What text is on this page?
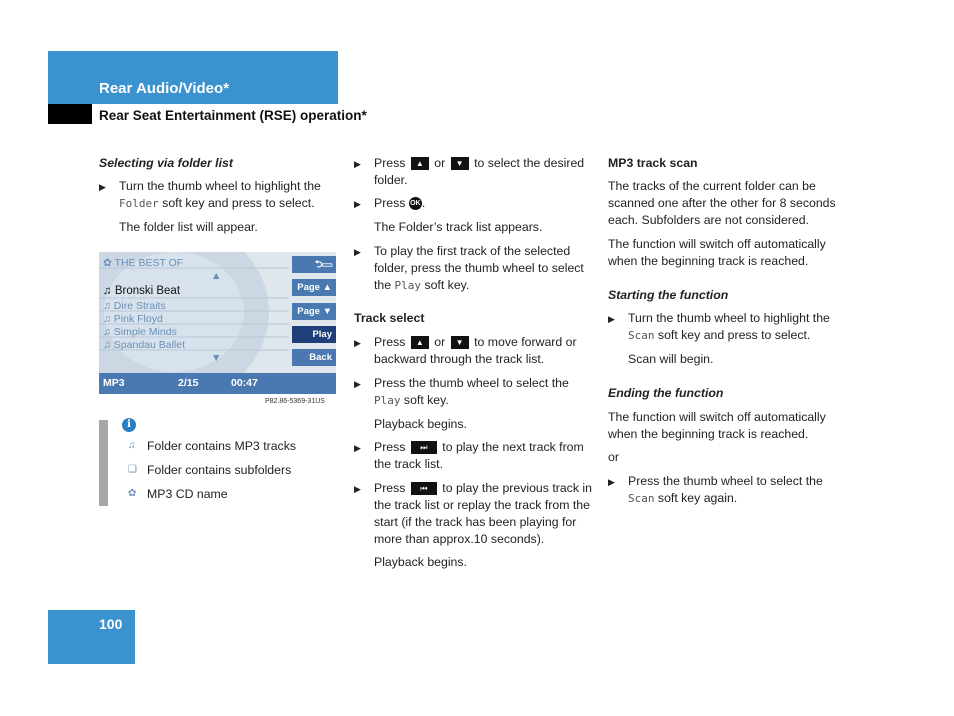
Rear Audio/Video*
Rear Seat Entertainment (RSE) operation*
Selecting via folder list
▶ Turn the thumb wheel to highlight the
Folder soft key and press to select.
The folder list will appear.
✿ THE BEST OF
▲
♫ Bronski Beat
♫ Dire Straits
♫ Pink Floyd
♫ Simple Minds
♫ Spandau Ballet
▼
⮌▭
Page ▲
Page ▼
Play
Back
MP3	2/15	00:47
P82.86-5369-31US
i
♫ Folder contains MP3 tracks
❏ Folder contains subfolders
✿ MP3 CD name
▶ Press ▲ or ▼ to select the desired folder.
▶ Press OK.
The Folder’s track list appears.
▶ To play the first track of the selected folder, press the thumb wheel to select the Play soft key.
Track select
▶ Press ▲ or ▼ to move forward or backward through the track list.
▶ Press the thumb wheel to select the
Play soft key.
Playback begins.
▶ Press ⏭ to play the next track from the track list.
▶ Press ⏮ to play the previous track in the track list or replay the track from the start (if the track has been playing for more than approx.10 seconds).
Playback begins.
MP3 track scan
The tracks of the current folder can be scanned one after the other for 8 seconds each. Subfolders are not considered.
The function will switch off automatically when the beginning track is reached.
Starting the function
▶ Turn the thumb wheel to highlight the
Scan soft key and press to select.
Scan will begin.
Ending the function
The function will switch off automatically when the beginning track is reached.
or
▶ Press the thumb wheel to select the
Scan soft key again.
100
